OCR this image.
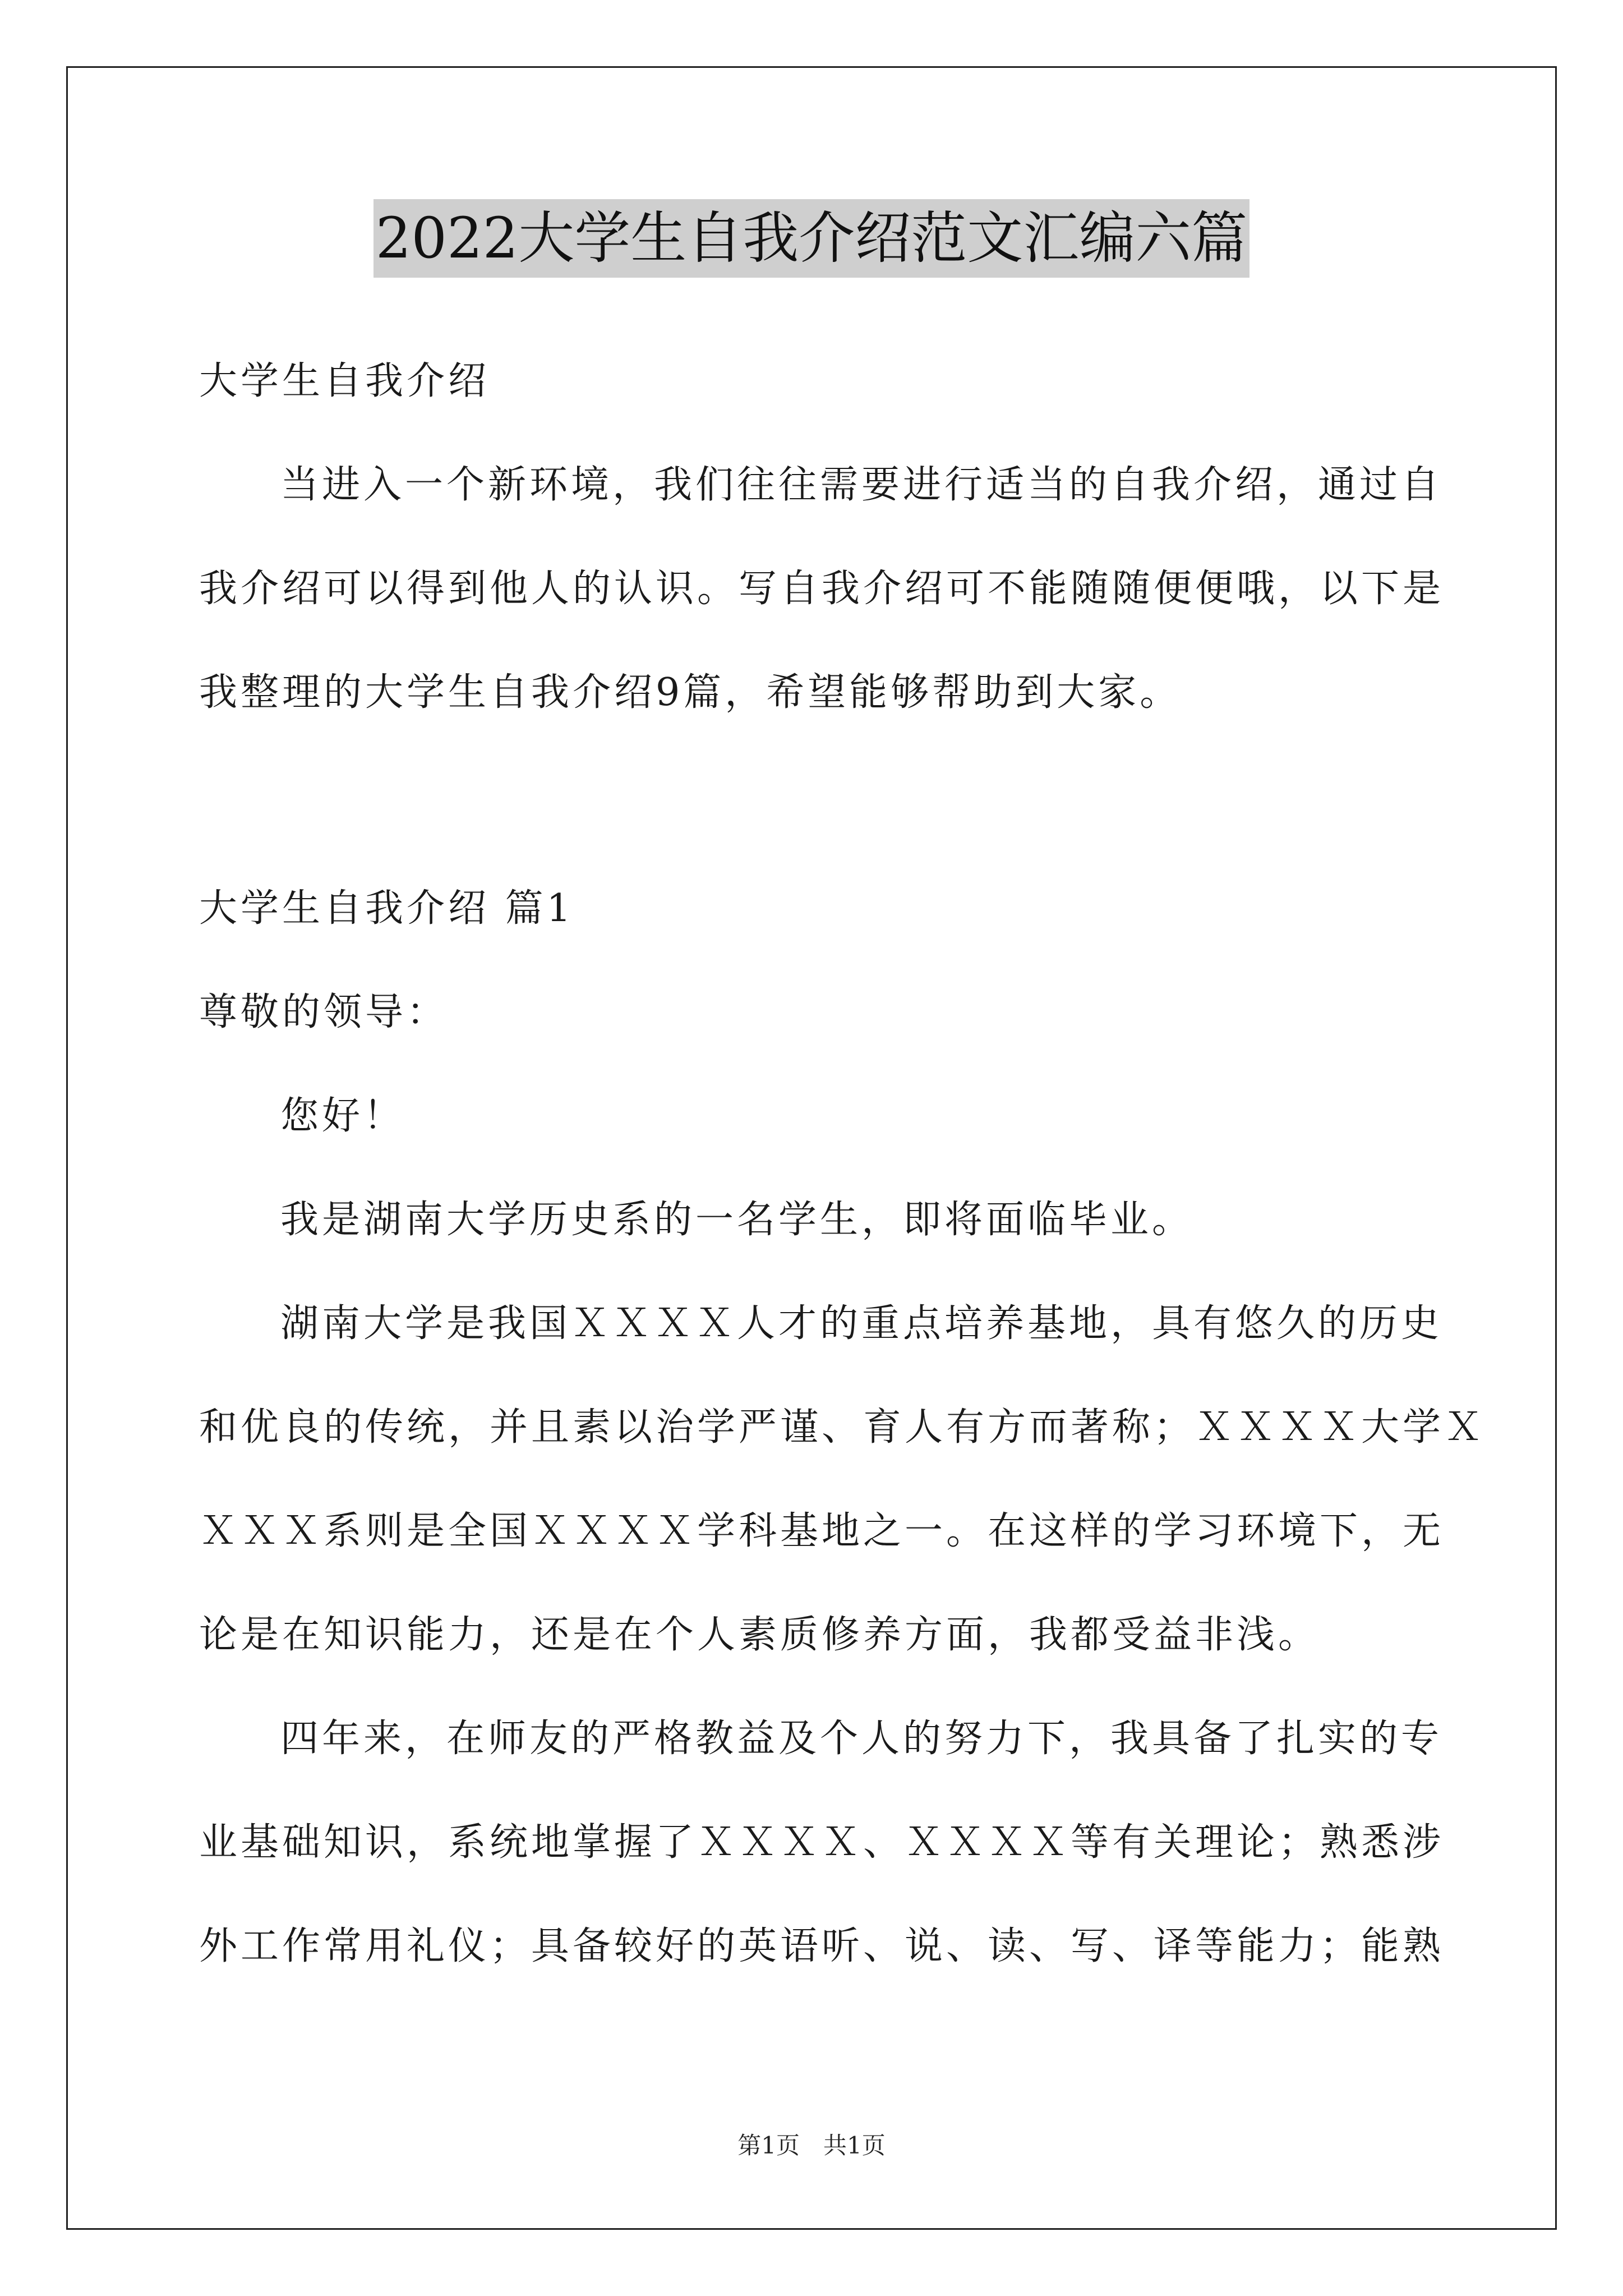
2022大学生自我介绍范文汇编六篇
大学生自我介绍
当进入一个新环境，我们往往需要进行适当的自我介绍，通过自
我介绍可以得到他人的认识。写自我介绍可不能随随便便哦，以下是
我整理的大学生自我介绍9篇，希望能够帮助到大家。
大学生自我介绍 篇1
尊敬的领导：
您好！
我是湖南大学历史系的一名学生，即将面临毕业。
湖南大学是我国ＸＸＸＸ人才的重点培养基地，具有悠久的历史
和优良的传统，并且素以治学严谨、育人有方而著称；ＸＸＸＸ大学Ｘ
ＸＸＸ系则是全国ＸＸＸＸ学科基地之一。在这样的学习环境下，无
论是在知识能力，还是在个人素质修养方面，我都受益非浅。
四年来，在师友的严格教益及个人的努力下，我具备了扎实的专
业基础知识，系统地掌握了ＸＸＸＸ、ＸＸＸＸ等有关理论；熟悉涉
外工作常用礼仪；具备较好的英语听、说、读、写、译等能力；能熟
第1页　共1页
